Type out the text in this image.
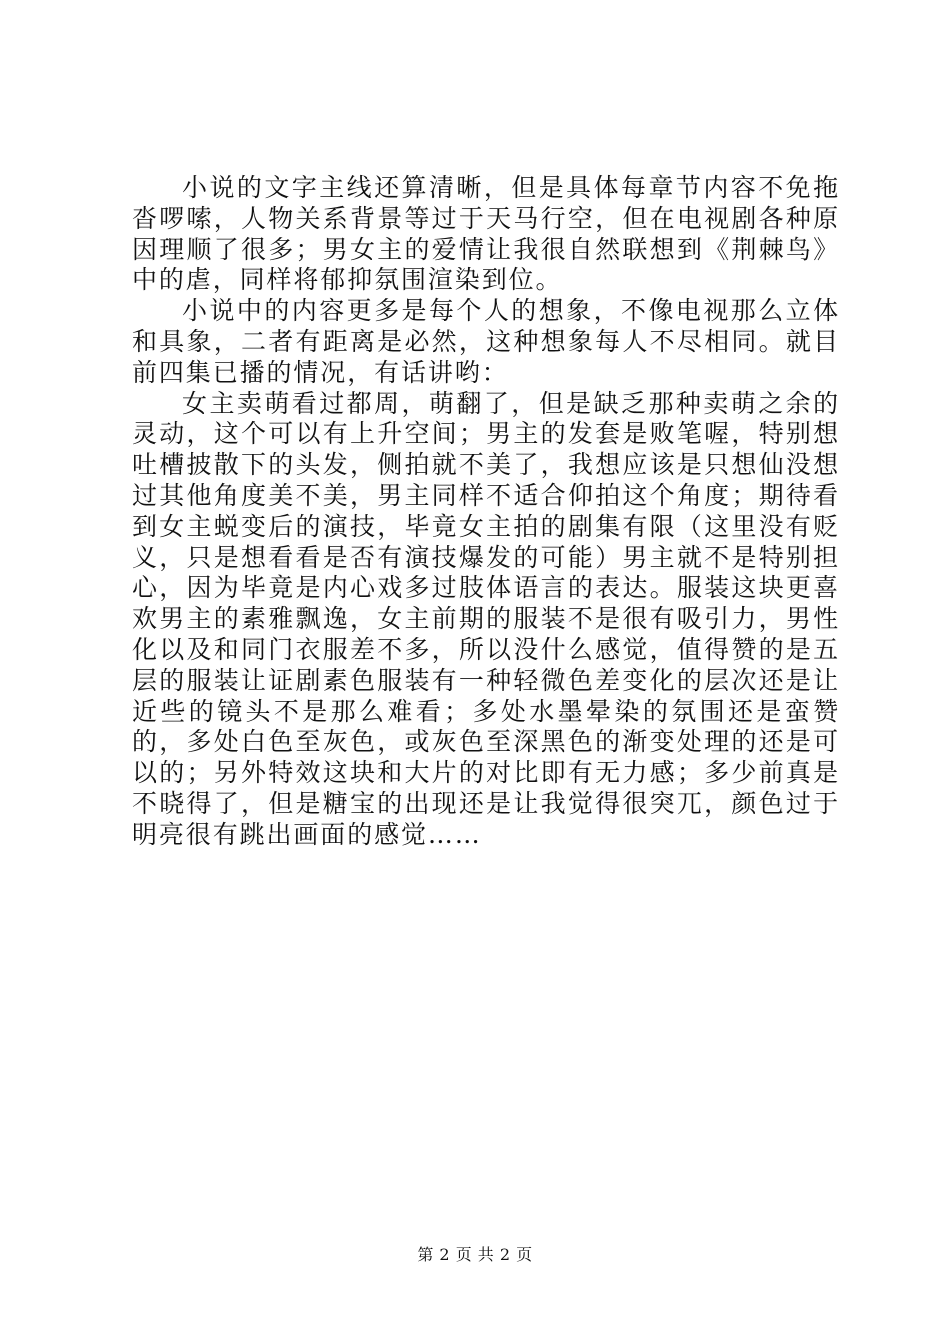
小说的文字主线还算清晰，但是具体每章节内容不免拖沓啰嗦，人物关系背景等过于天马行空，但在电视剧各种原因理顺了很多；男女主的爱情让我很自然联想到《荆棘鸟》中的虐，同样将郁抑氛围渲染到位。

小说中的内容更多是每个人的想象，不像电视那么立体和具象，二者有距离是必然，这种想象每人不尽相同。就目前四集已播的情况，有话讲哟：

女主卖萌看过都周，萌翻了，但是缺乏那种卖萌之余的灵动，这个可以有上升空间；男主的发套是败笔喔，特别想吐槽披散下的头发，侧拍就不美了，我想应该是只想仙没想过其他角度美不美，男主同样不适合仰拍这个角度；期待看到女主蜕变后的演技，毕竟女主拍的剧集有限（这里没有贬义，只是想看看是否有演技爆发的可能）男主就不是特别担心，因为毕竟是内心戏多过肢体语言的表达。服装这块更喜欢男主的素雅飘逸，女主前期的服装不是很有吸引力，男性化以及和同门衣服差不多，所以没什么感觉，值得赞的是五层的服装让证剧素色服装有一种轻微色差变化的层次还是让近些的镜头不是那么难看；多处水墨晕染的氛围还是蛮赞的，多处白色至灰色，或灰色至深黑色的渐变处理的还是可以的；另外特效这块和大片的对比即有无力感；多少前真是不晓得了，但是糖宝的出现还是让我觉得很突兀，颜色过于明亮很有跳出画面的感觉……

第 2 页 共 2 页
